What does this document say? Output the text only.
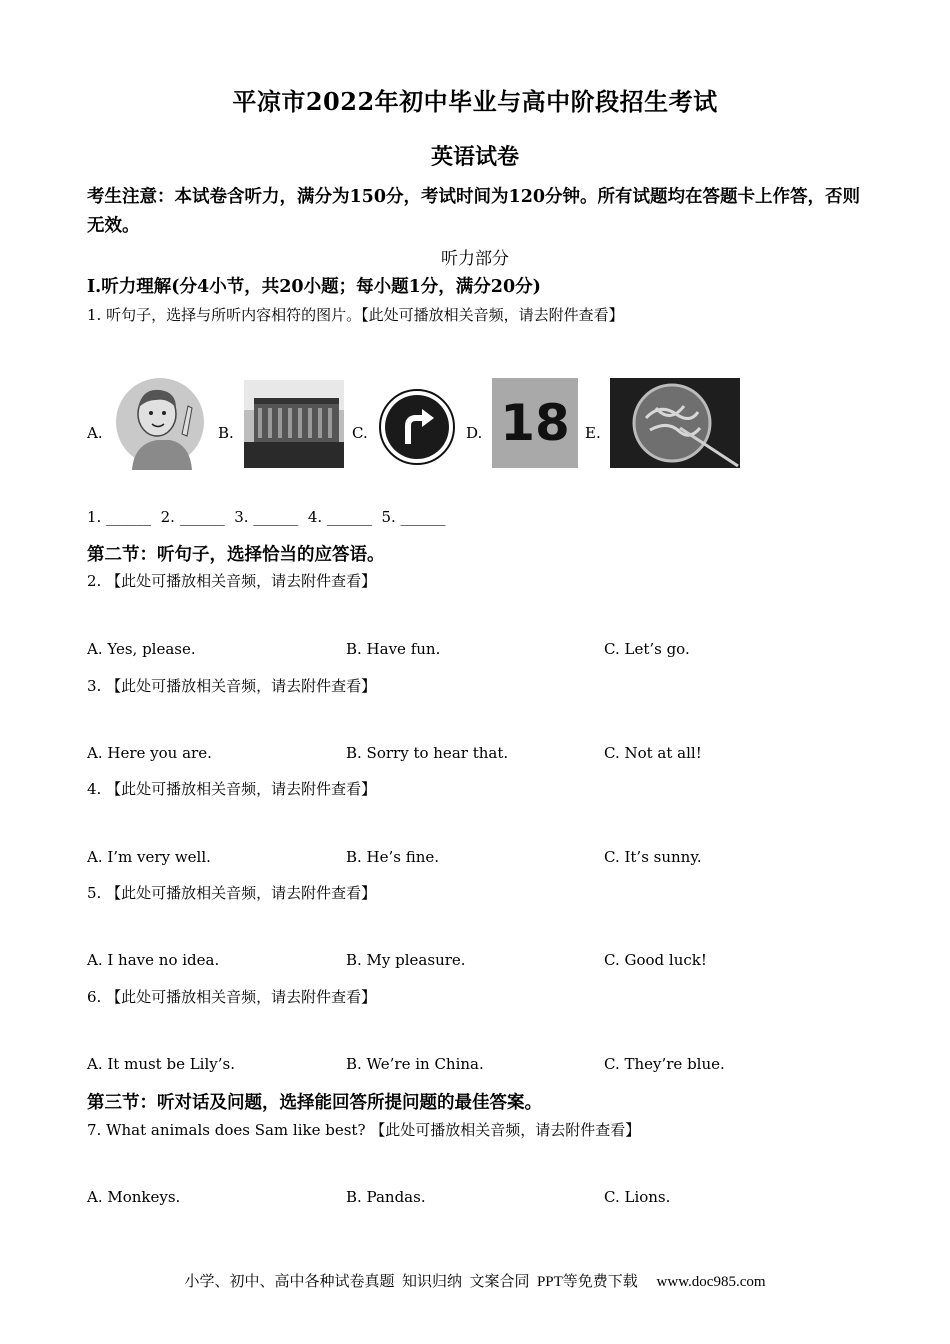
平凉市2022年初中毕业与高中阶段招生考试
英语试卷
考生注意：本试卷含听力，满分为150分，考试时间为120分钟。所有试题均在答题卡上作答，否则无效。
听力部分
I.听力理解(分4小节，共20小题；每小题1分，满分20分)
1. 听句子，选择与所听内容相符的图片。【此处可播放相关音频，请去附件查看】
A.	B.	C.	D. 18	E.
1. ______  2. ______  3. ______  4. ______  5. ______
第二节：听句子，选择恰当的应答语。
2. 【此处可播放相关音频，请去附件查看】
A. Yes, please.	B. Have fun.	C. Let’s go.
3. 【此处可播放相关音频，请去附件查看】
A. Here you are.	B. Sorry to hear that.	C. Not at all!
4. 【此处可播放相关音频，请去附件查看】
A. I’m very well.	B. He’s fine.	C. It’s sunny.
5. 【此处可播放相关音频，请去附件查看】
A. I have no idea.	B. My pleasure.	C. Good luck!
6. 【此处可播放相关音频，请去附件查看】
A. It must be Lily’s.	B. We’re in China.	C. They’re blue.
第三节：听对话及问题，选择能回答所提问题的最佳答案。
7. What animals does Sam like best? 【此处可播放相关音频，请去附件查看】
A. Monkeys.	B. Pandas.	C. Lions.
小学、初中、高中各种试卷真题  知识归纳  文案合同  PPT等免费下载     www.doc985.com
